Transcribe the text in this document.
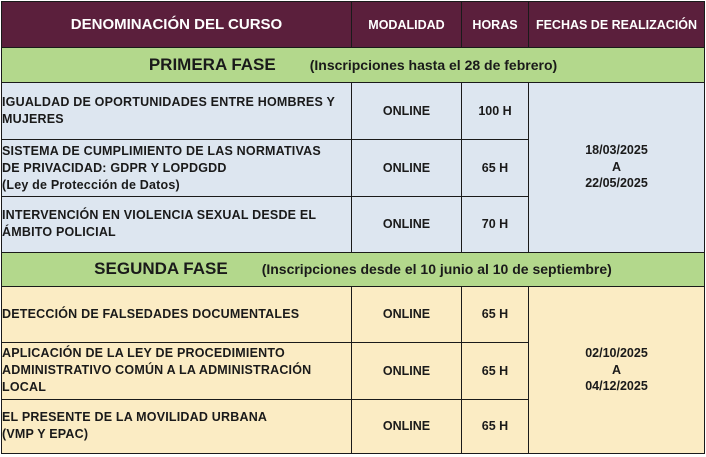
DENOMINACIÓN DEL CURSO	MODALIDAD	HORAS	FECHAS DE REALIZACIÓN
PRIMERA FASE (Inscripciones hasta el 28 de febrero)			
IGUALDAD DE OPORTUNIDADES ENTRE HOMBRES Y
MUJERES	ONLINE	100 H	18/03/2025
A
22/05/2025

SISTEMA DE CUMPLIMIENTO DE LAS NORMATIVAS
DE PRIVACIDAD: GDPR Y LOPDGDD
(Ley de Protección de Datos)	ONLINE	65 H	
INTERVENCIÓN EN VIOLENCIA SEXUAL DESDE EL
ÁMBITO POLICIAL	ONLINE	70 H	
SEGUNDA FASE (Inscripciones desde el 10 junio al 10 de septiembre)			
DETECCIÓN DE FALSEDADES DOCUMENTALES	ONLINE	65 H	02/10/2025
A
04/12/2025

APLICACIÓN DE LA LEY DE PROCEDIMIENTO
ADMINISTRATIVO COMÚN A LA ADMINISTRACIÓN
LOCAL	ONLINE	65 H	
EL PRESENTE DE LA MOVILIDAD URBANA
(VMP Y EPAC)	ONLINE	65 H	
